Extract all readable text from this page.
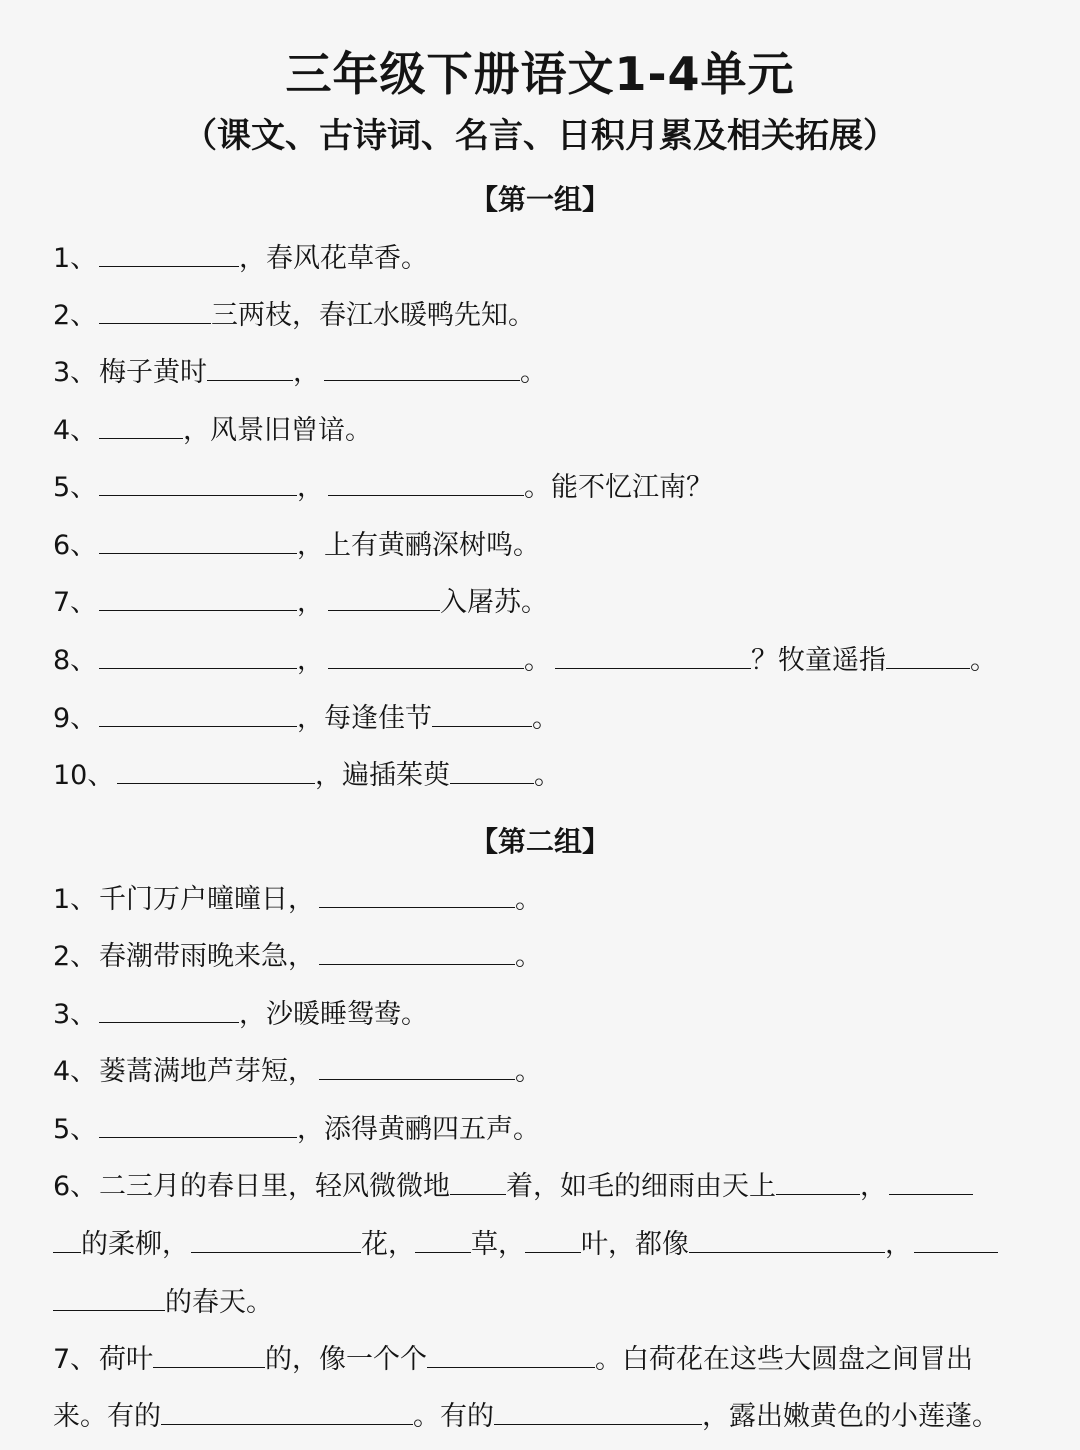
三年级下册语文1-4单元
（课文、古诗词、名言、日积月累及相关拓展）
【第一组】
1、	，春风花草香。
2、	三两枝，春江水暖鸭先知。
3、梅子黄时	，	。
4、	，风景旧曾谙。
5、	，	。能不忆江南？
6、	，上有黄鹂深树鸣。
7、	，	入屠苏。
8、	，	。	？牧童遥指	。
9、	，每逢佳节	。
10、	，遍插茱萸	。
【第二组】
1、千门万户曈曈日，	。
2、春潮带雨晚来急，	。
3、	，沙暖睡鸳鸯。
4、蒌蒿满地芦芽短，	。
5、	，添得黄鹂四五声。
6、二三月的春日里，轻风微微地 着，如毛的细雨由天上	，
的柔柳，	花， 草， 叶，都像	，
的春天。
7、荷叶	的，像一个个	。白荷花在这些大圆盘之间冒出
来。有的	。有的	，露出嫩黄色的小莲蓬。
